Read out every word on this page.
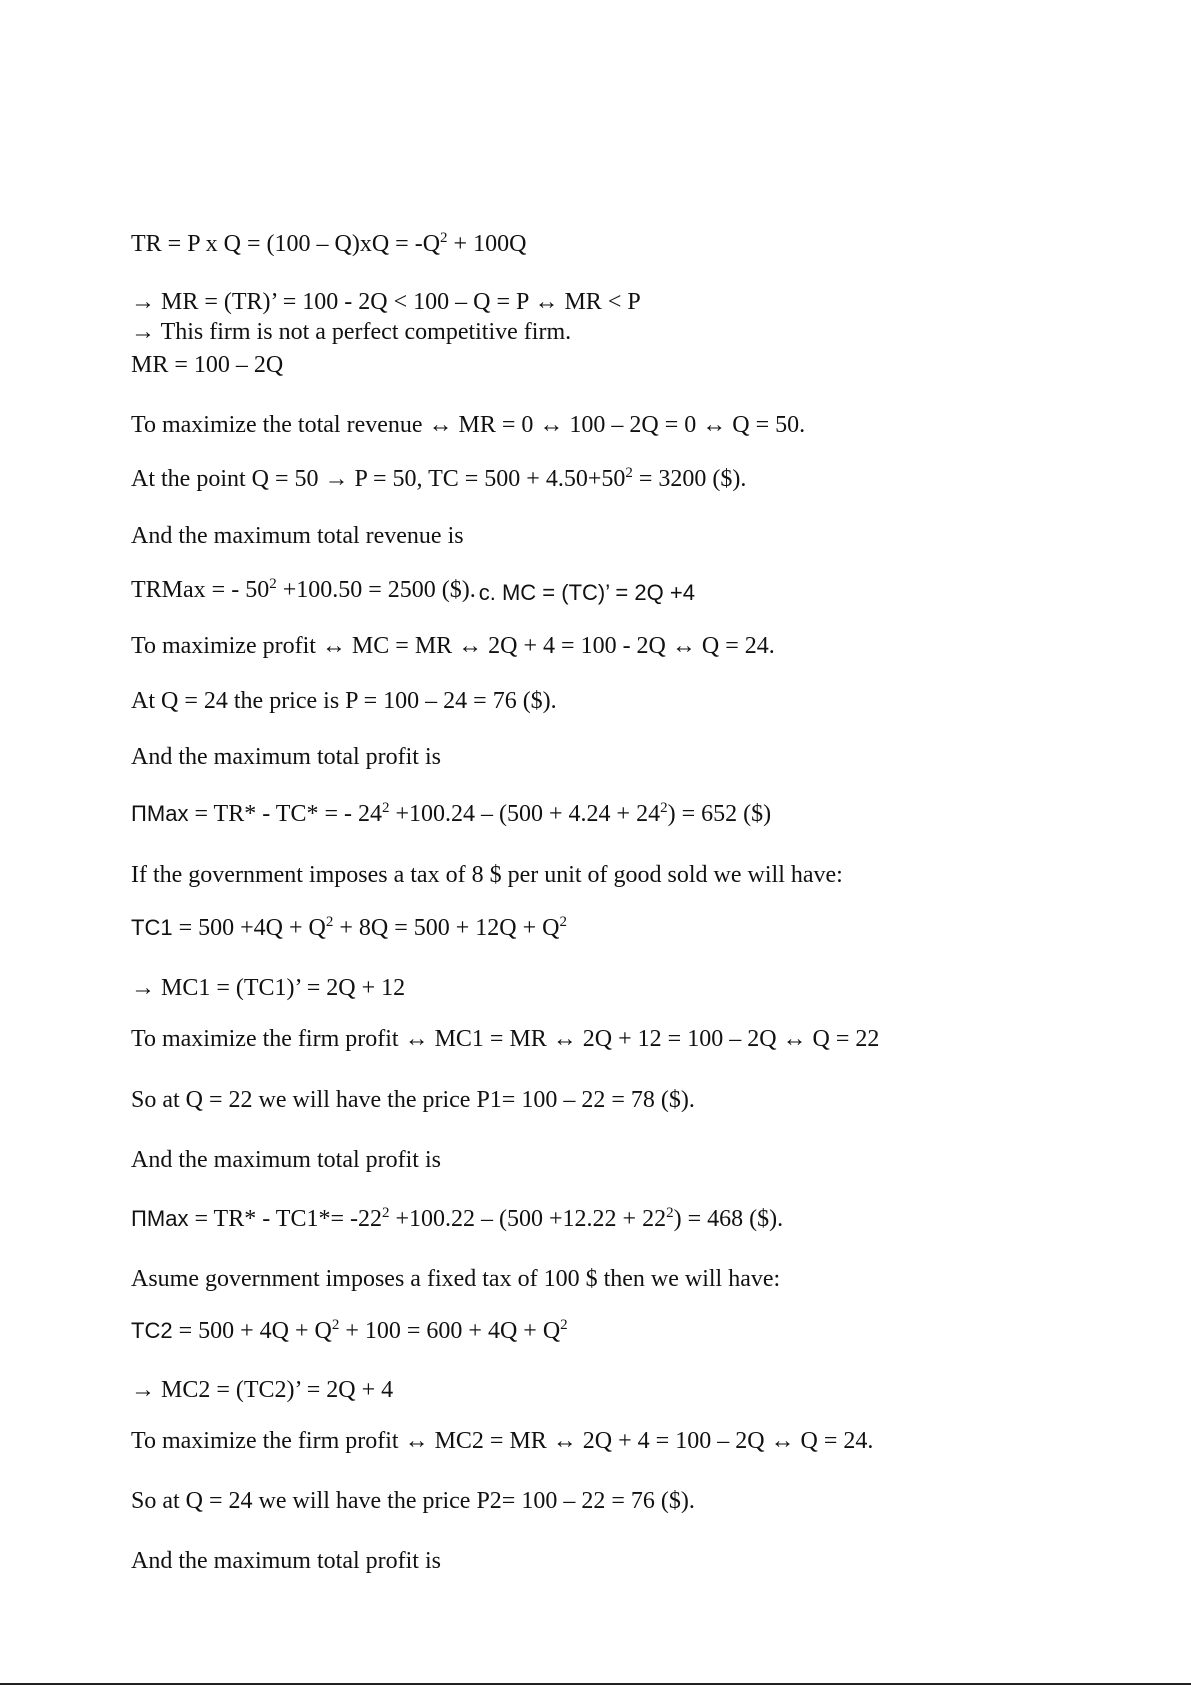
TR = P x $Q = (100 - Q)xQ = -Q^2 + 100Q$

→ MR = (TR)’ = 100 - 2Q < 100 – Q = P ↔ MR < P

→ This firm is not a perfect competitive firm.

MR = 100 – 2Q

To maximize the total revenue ↔ MR = 0 ↔ 100 – 2Q = 0 ↔ Q = 50.

At the point Q = 50 → P = 50, TC = $500 + 4.50+50^2 = 3200$ ($).

And the maximum total revenue is

TRMax = - $50^2 +100.50 = 2500$ ($). c. MC = (TC)’ = 2Q +4

To maximize profit ↔ MC = MR ↔ 2Q + 4 = 100 - 2Q ↔ Q = 24.

At Q = 24 the price is P = 100 – 24 = 76 ($).

And the maximum total profit is

ΠMax = TR* - TC* = - $24^2 +100.24 - (500 + 4.24 + 24^2) = 652$ ($)

If the government imposes a tax of 8 $ per unit of good sold we will have:

$TC1 = 500 +4Q + Q^2 + 8Q = 500 + 12Q + Q^2$

→ MC1 = (TC1)’ = 2Q + 12

To maximize the firm profit ↔ MC1 = MR ↔ 2Q + 12 = 100 – 2Q ↔ Q = 22

So at Q = 22 we will have the price P1= 100 – 22 = 78 ($).

And the maximum total profit is

$\Pi Max = TR* - TC1*= -22^2 +100.22 - (500 +12.22 + 22^2) = 468$ ($).

Asume government imposes a fixed tax of 100 $ then we will have:

$TC2 = 500 + 4Q + Q^2 + 100 = 600 + 4Q + Q^2$

→ MC2 = (TC2)’ = 2Q + 4

To maximize the firm profit ↔ MC2 = MR ↔ 2Q + 4 = 100 – 2Q ↔ Q = 24.

So at Q = 24 we will have the price P2= 100 – 22 = 76 ($).

And the maximum total profit is
